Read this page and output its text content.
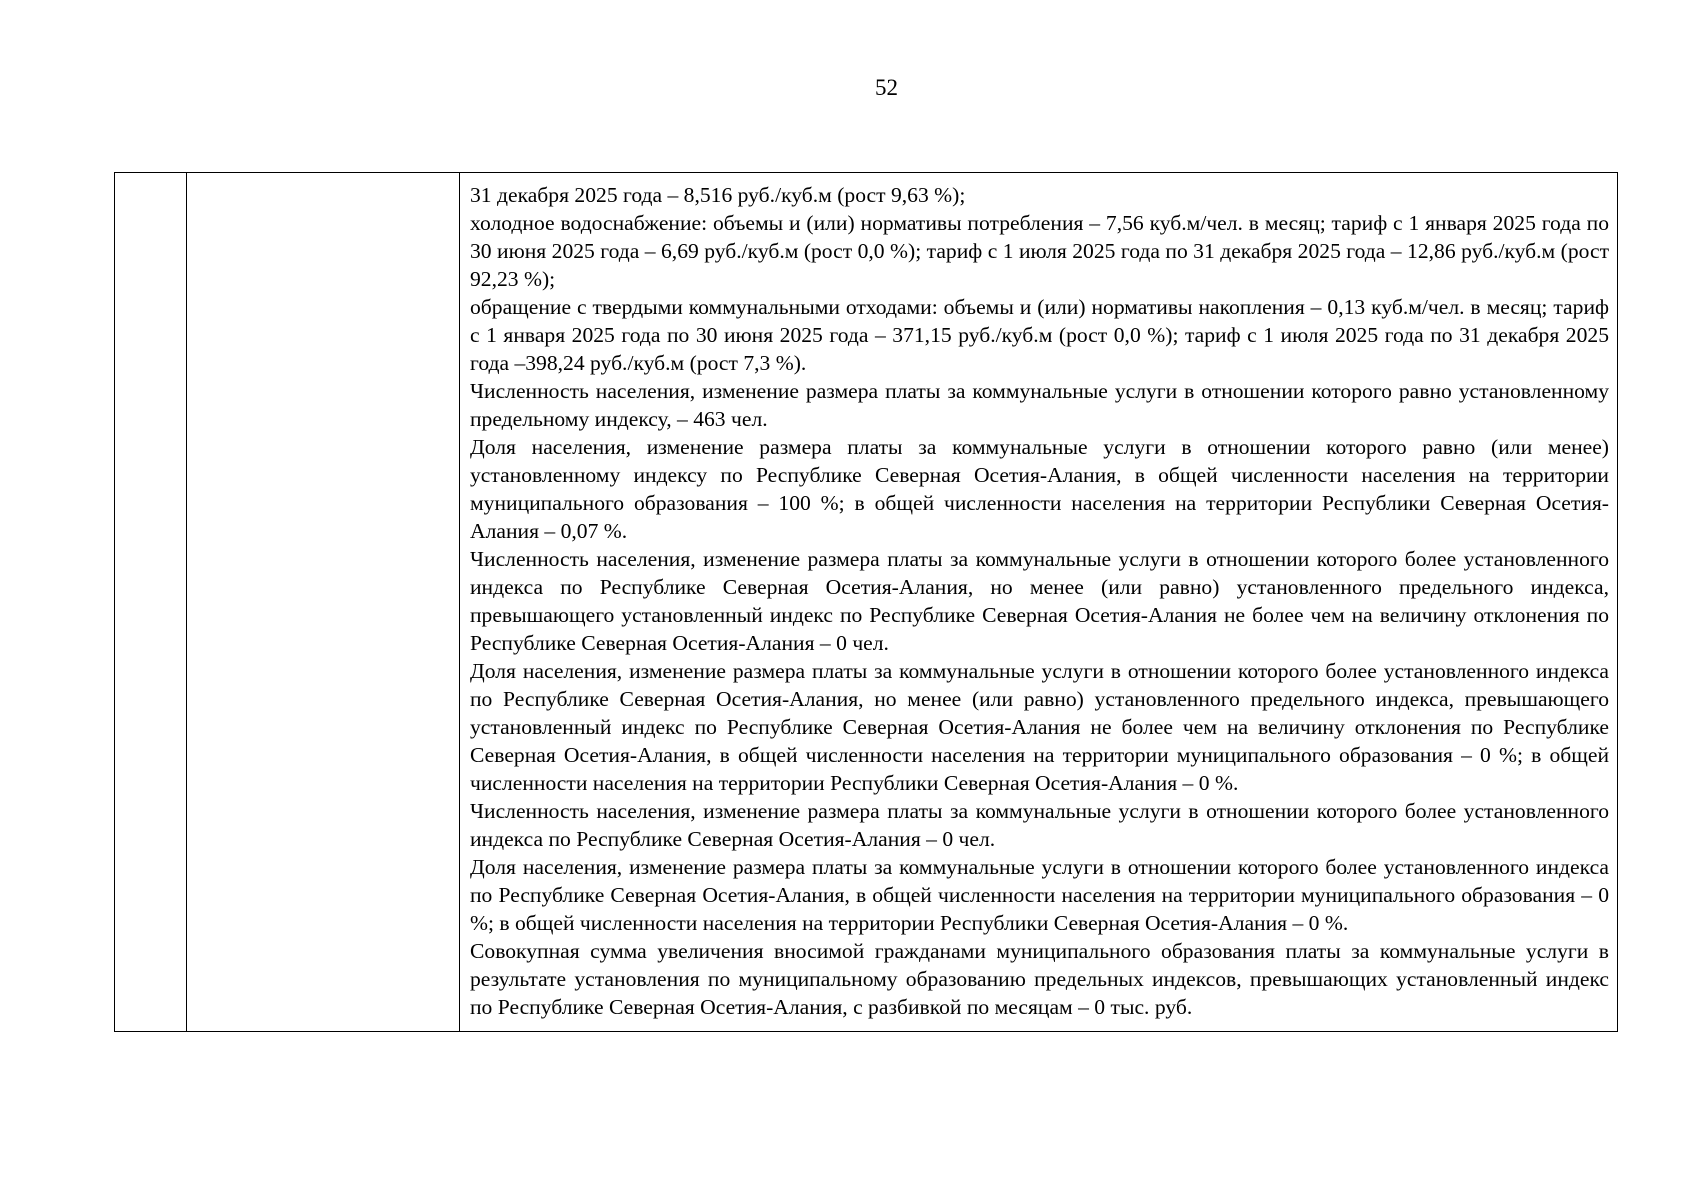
52

31 декабря 2025 года – 8,516 руб./куб.м (рост 9,63 %);

холодное водоснабжение: объемы и (или) нормативы потребления – 7,56 куб.м/чел. в месяц; тариф с 1 января 2025 года по 30 июня 2025 года – 6,69 руб./куб.м (рост 0,0 %); тариф с 1 июля 2025 года по 31 декабря 2025 года – 12,86 руб./куб.м (рост 92,23 %);

обращение с твердыми коммунальными отходами: объемы и (или) нормативы накопления – 0,13 куб.м/чел. в месяц; тариф с 1 января 2025 года по 30 июня 2025 года – 371,15 руб./куб.м (рост 0,0 %); тариф с 1 июля 2025 года по 31 декабря 2025 года –398,24 руб./куб.м (рост 7,3 %).

Численность населения, изменение размера платы за коммунальные услуги в отношении которого равно установленному предельному индексу, – 463 чел.

Доля населения, изменение размера платы за коммунальные услуги в отношении которого равно (или менее) установленному индексу по Республике Северная Осетия-Алания, в общей численности населения на территории муниципального образования – 100 %; в общей численности населения на территории Республики Северная Осетия-Алания – 0,07 %.

Численность населения, изменение размера платы за коммунальные услуги в отношении которого более установленного индекса по Республике Северная Осетия-Алания, но менее (или равно) установленного предельного индекса, превышающего установленный индекс по Республике Северная Осетия-Алания не более чем на величину отклонения по Республике Северная Осетия-Алания – 0 чел.

Доля населения, изменение размера платы за коммунальные услуги в отношении которого более установленного индекса по Республике Северная Осетия-Алания, но менее (или равно) установленного предельного индекса, превышающего установленный индекс по Республике Северная Осетия-Алания не более чем на величину отклонения по Республике Северная Осетия-Алания, в общей численности населения на территории муниципального образования – 0 %; в общей численности населения на территории Республики Северная Осетия-Алания – 0 %.

Численность населения, изменение размера платы за коммунальные услуги в отношении которого более установленного индекса по Республике Северная Осетия-Алания – 0 чел.

Доля населения, изменение размера платы за коммунальные услуги в отношении которого более установленного индекса по Республике Северная Осетия-Алания, в общей численности населения на территории муниципального образования – 0 %; в общей численности населения на территории Республики Северная Осетия-Алания – 0 %.

Совокупная сумма увеличения вносимой гражданами муниципального образования платы за коммунальные услуги в результате установления по муниципальному образованию предельных индексов, превышающих установленный индекс по Республике Северная Осетия-Алания, с разбивкой по месяцам – 0 тыс. руб.
